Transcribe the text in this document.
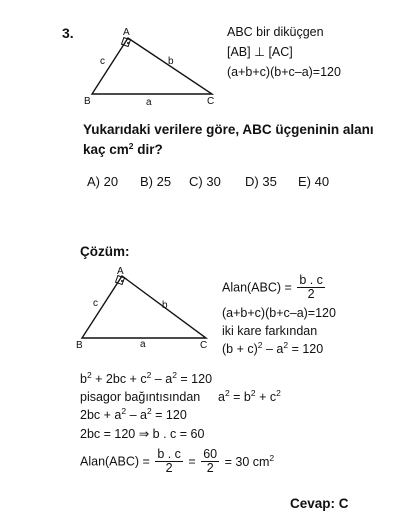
3.	A
B	C
a
b
c
ABC bir diküçgen
[AB] ⊥ [AC]
(a+b+c)(b+c–a)=120
Yukarıdaki verilere göre, ABC üçgeninin alanı
kaç $cm^2$ dir?
A) 20 B) 25 C) 30 D) 35 E) 40
Çözüm:
A
B	C
a
b
c
Alan(ABC) = $\frac{b . c}{2}$
(a+b+c)(b+c–a)=120
iki kare farkından
$(b + c)^2 - a^2 = 120$
$b^2 + 2bc + c^2 - a^2 = 120$
pisagor bağıntısından $a^2 = b^2 + c^2$
$2bc + a^2 - a^2 = 120$
2bc = 120 ⇒ b . c = 60
Alan(ABC) = $\frac{b . c}{2} = \frac{60}{2} = 30$ $cm^2$
Cevap: C
